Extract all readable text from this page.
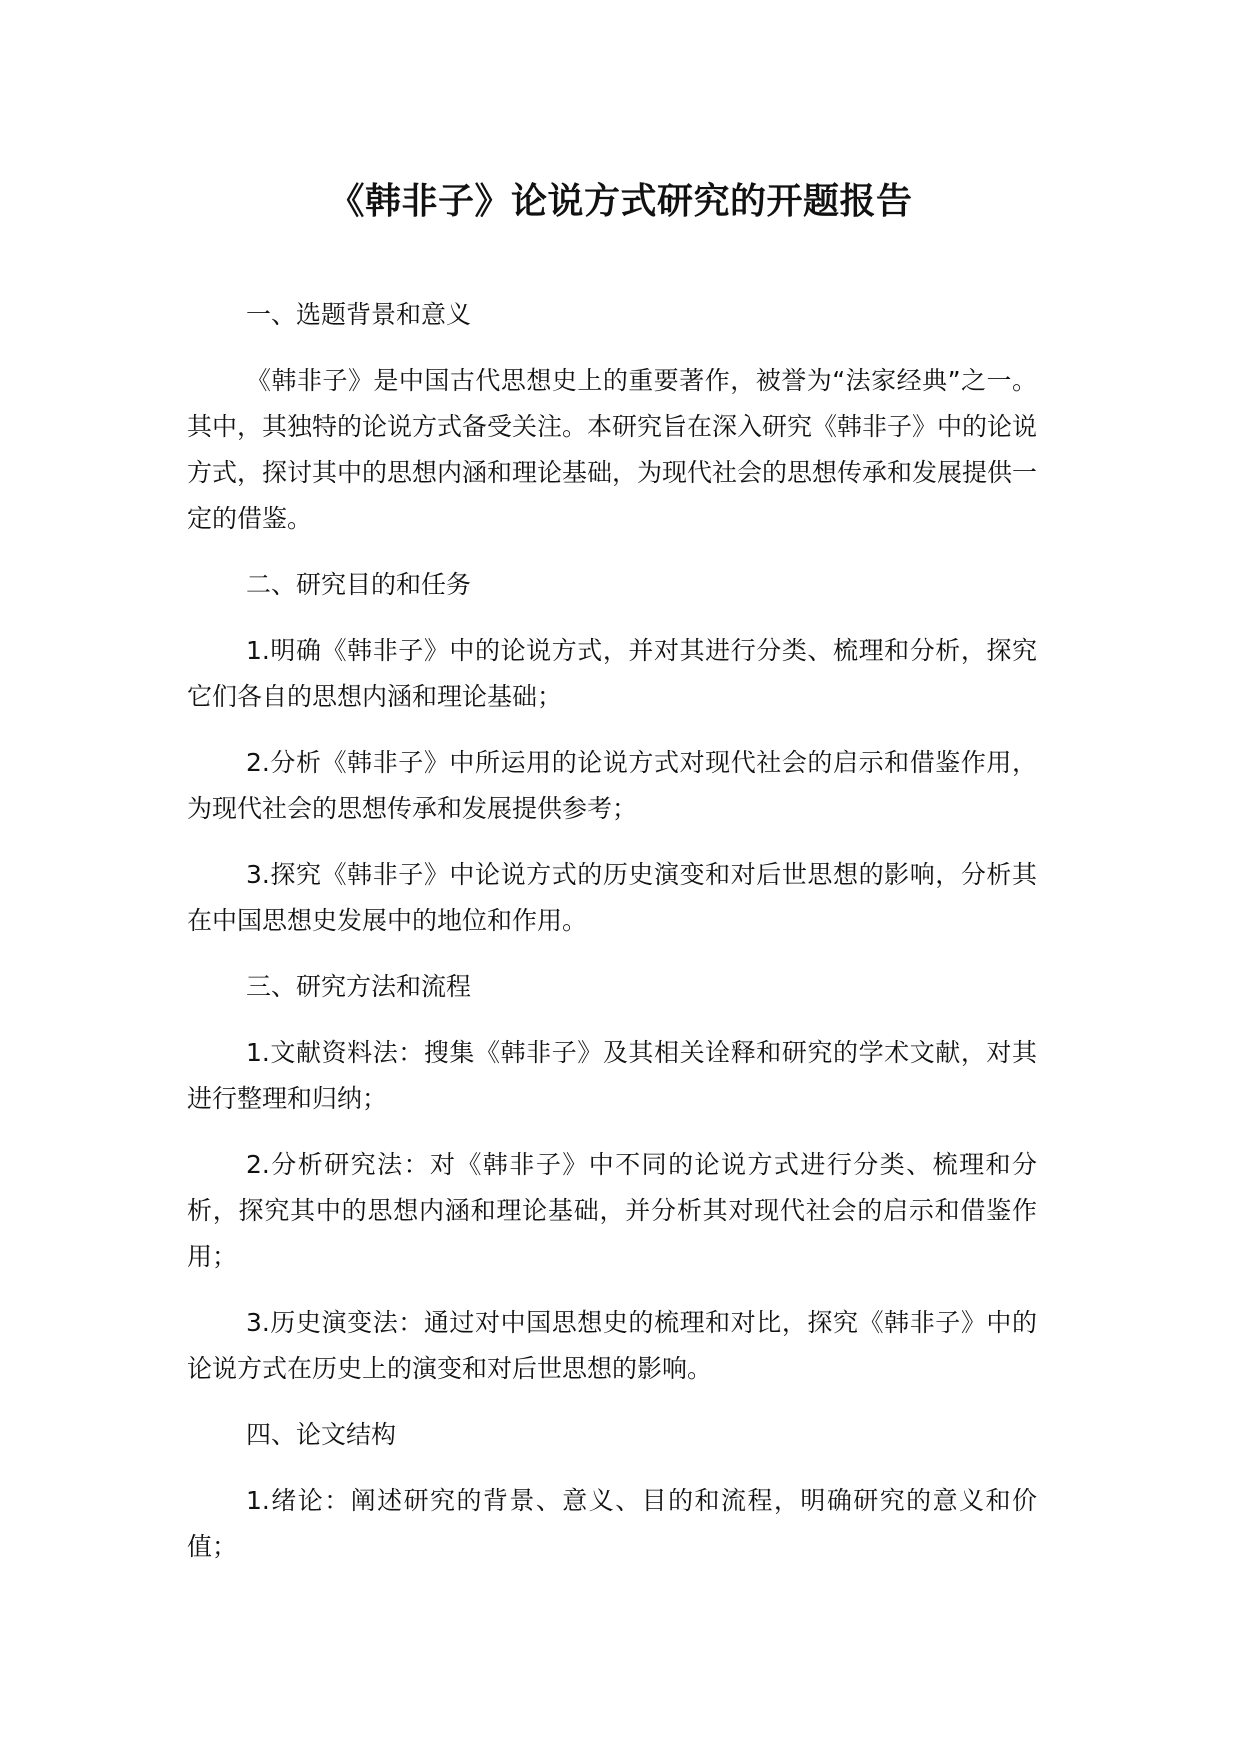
《韩非子》论说方式研究的开题报告

一、选题背景和意义

《韩非子》是中国古代思想史上的重要著作，被誉为“法家经典”之一。其中，其独特的论说方式备受关注。本研究旨在深入研究《韩非子》中的论说方式，探讨其中的思想内涵和理论基础，为现代社会的思想传承和发展提供一定的借鉴。

二、研究目的和任务

1.明确《韩非子》中的论说方式，并对其进行分类、梳理和分析，探究它们各自的思想内涵和理论基础；

2.分析《韩非子》中所运用的论说方式对现代社会的启示和借鉴作用，为现代社会的思想传承和发展提供参考；

3.探究《韩非子》中论说方式的历史演变和对后世思想的影响，分析其在中国思想史发展中的地位和作用。

三、研究方法和流程

1.文献资料法：搜集《韩非子》及其相关诠释和研究的学术文献，对其进行整理和归纳；

2.分析研究法：对《韩非子》中不同的论说方式进行分类、梳理和分析，探究其中的思想内涵和理论基础，并分析其对现代社会的启示和借鉴作用；

3.历史演变法：通过对中国思想史的梳理和对比，探究《韩非子》中的论说方式在历史上的演变和对后世思想的影响。

四、论文结构

1.绪论：阐述研究的背景、意义、目的和流程，明确研究的意义和价值；
